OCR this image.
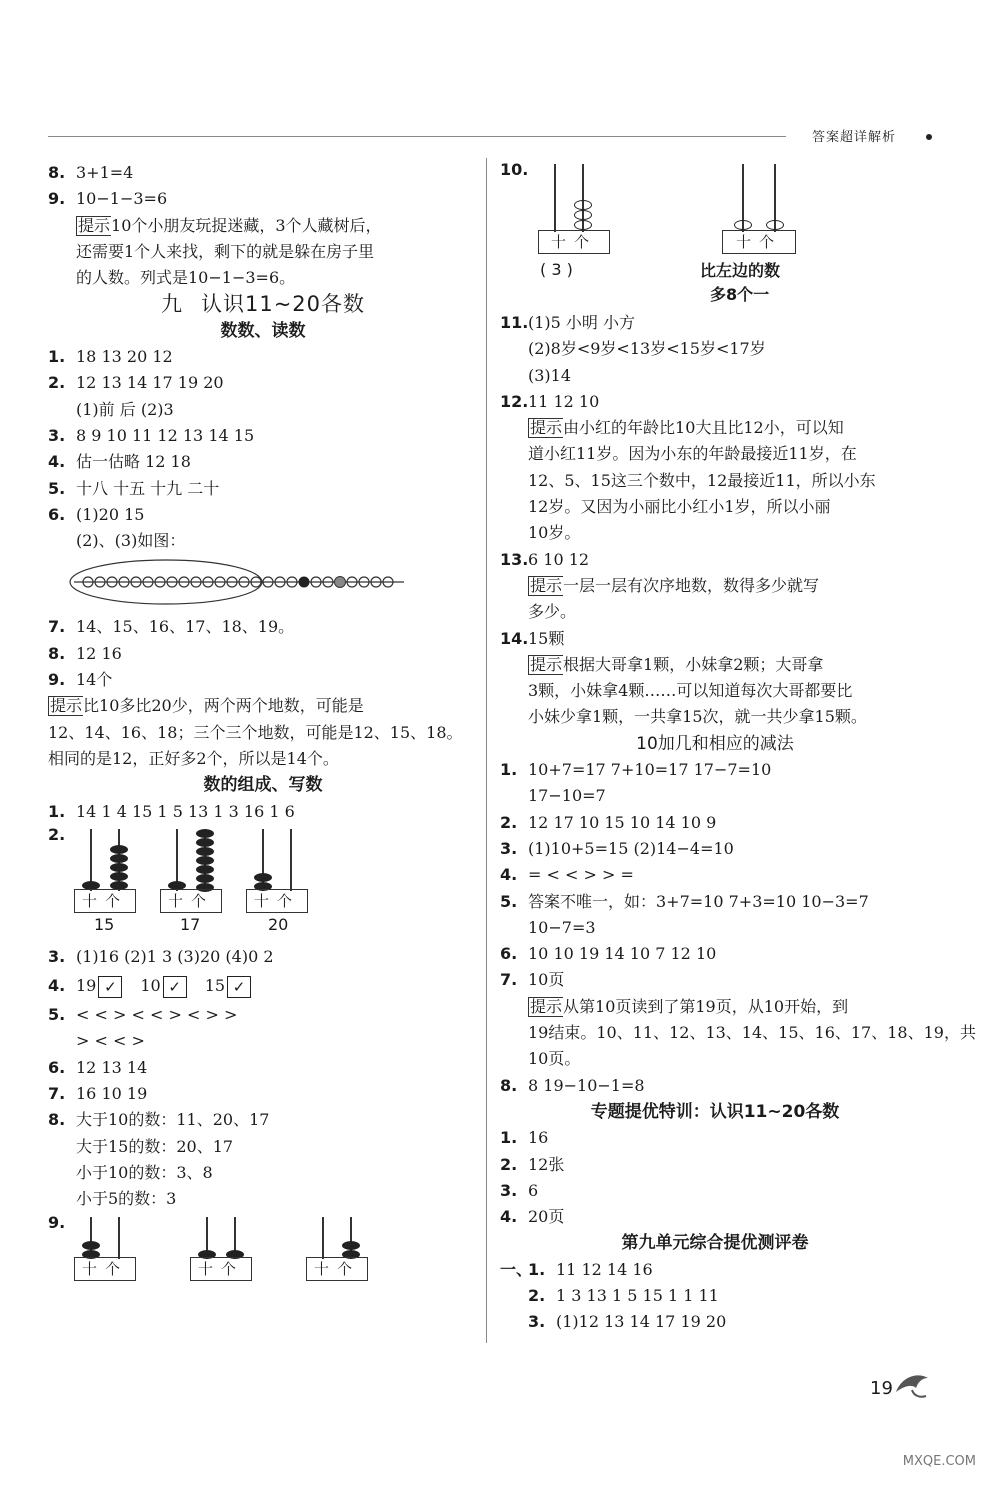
答案超详解析
8. 3+1=4
9. 10−1−3=6
提示10个小朋友玩捉迷藏，3个人藏树后，
还需要1个人来找，剩下的就是躲在房子里
的人数。列式是10−1−3=6。
九 认识11~20各数
数数、读数
1. 18 13 20 12
2. 12 13 14 17 19 20
(1)前 后 (2)3
3. 8 9 10 11 12 13 14 15
4. 估一估略 12 18
5. 十八 十五 十九 二十
6. (1)20 15
(2)、(3)如图：
7. 14、15、16、17、18、19。
8. 12 16
9. 14个
提示比10多比20少，两个两个地数，可能是
12、14、16、18；三个三个地数，可能是12、15、18。
相同的是12，正好多2个，所以是14个。
数的组成、写数
1. 14 1 4 15 1 5 13 1 3 16 1 6
2.
十个
15
十个
17
十个
20
3. (1)16 (2)1 3 (3)20 (4)0 2
4. 19 ✓ 10 ✓ 15 ✓
5. < < > < < > < > >
> < < >
6. 12 13 14
7. 16 10 19
8. 大于10的数：11、20、17
大于15的数：20、17
小于10的数：3、8
小于5的数：3
9.
十个	十个	十个
10.
十个
( 3 )
十个
比左边的数
多8个一
11.(1)5 小明 小方
(2)8岁<9岁<13岁<15岁<17岁
(3)14
12.11 12 10
提示由小红的年龄比10大且比12小，可以知
道小红11岁。因为小东的年龄最接近11岁，在
12、5、15这三个数中，12最接近11，所以小东
12岁。又因为小丽比小红小1岁，所以小丽
10岁。
13.6 10 12
提示一层一层有次序地数，数得多少就写
多少。
14.15颗
提示根据大哥拿1颗，小妹拿2颗；大哥拿
3颗，小妹拿4颗……可以知道每次大哥都要比
小妹少拿1颗，一共拿15次，就一共少拿15颗。
10加几和相应的减法
1. 10+7=17 7+10=17 17−7=10
17−10=7
2. 12 17 10 15 10 14 10 9
3. (1)10+5=15 (2)14−4=10
4. = < < > > =
5. 答案不唯一，如：3+7=10 7+3=10 10−3=7
10−7=3
6. 10 10 19 14 10 7 12 10
7. 10页
提示从第10页读到了第19页，从10开始，到
19结束。10、11、12、13、14、15、16、17、18、19，共
10页。
8. 8 19−10−1=8
专题提优特训：认识11~20各数
1. 16
2. 12张
3. 6
4. 20页
第九单元综合提优测评卷
一、1. 11 12 14 16
2. 1 3 13 1 5 15 1 1 11
3. (1)12 13 14 17 19 20
19
MXQE.COM
